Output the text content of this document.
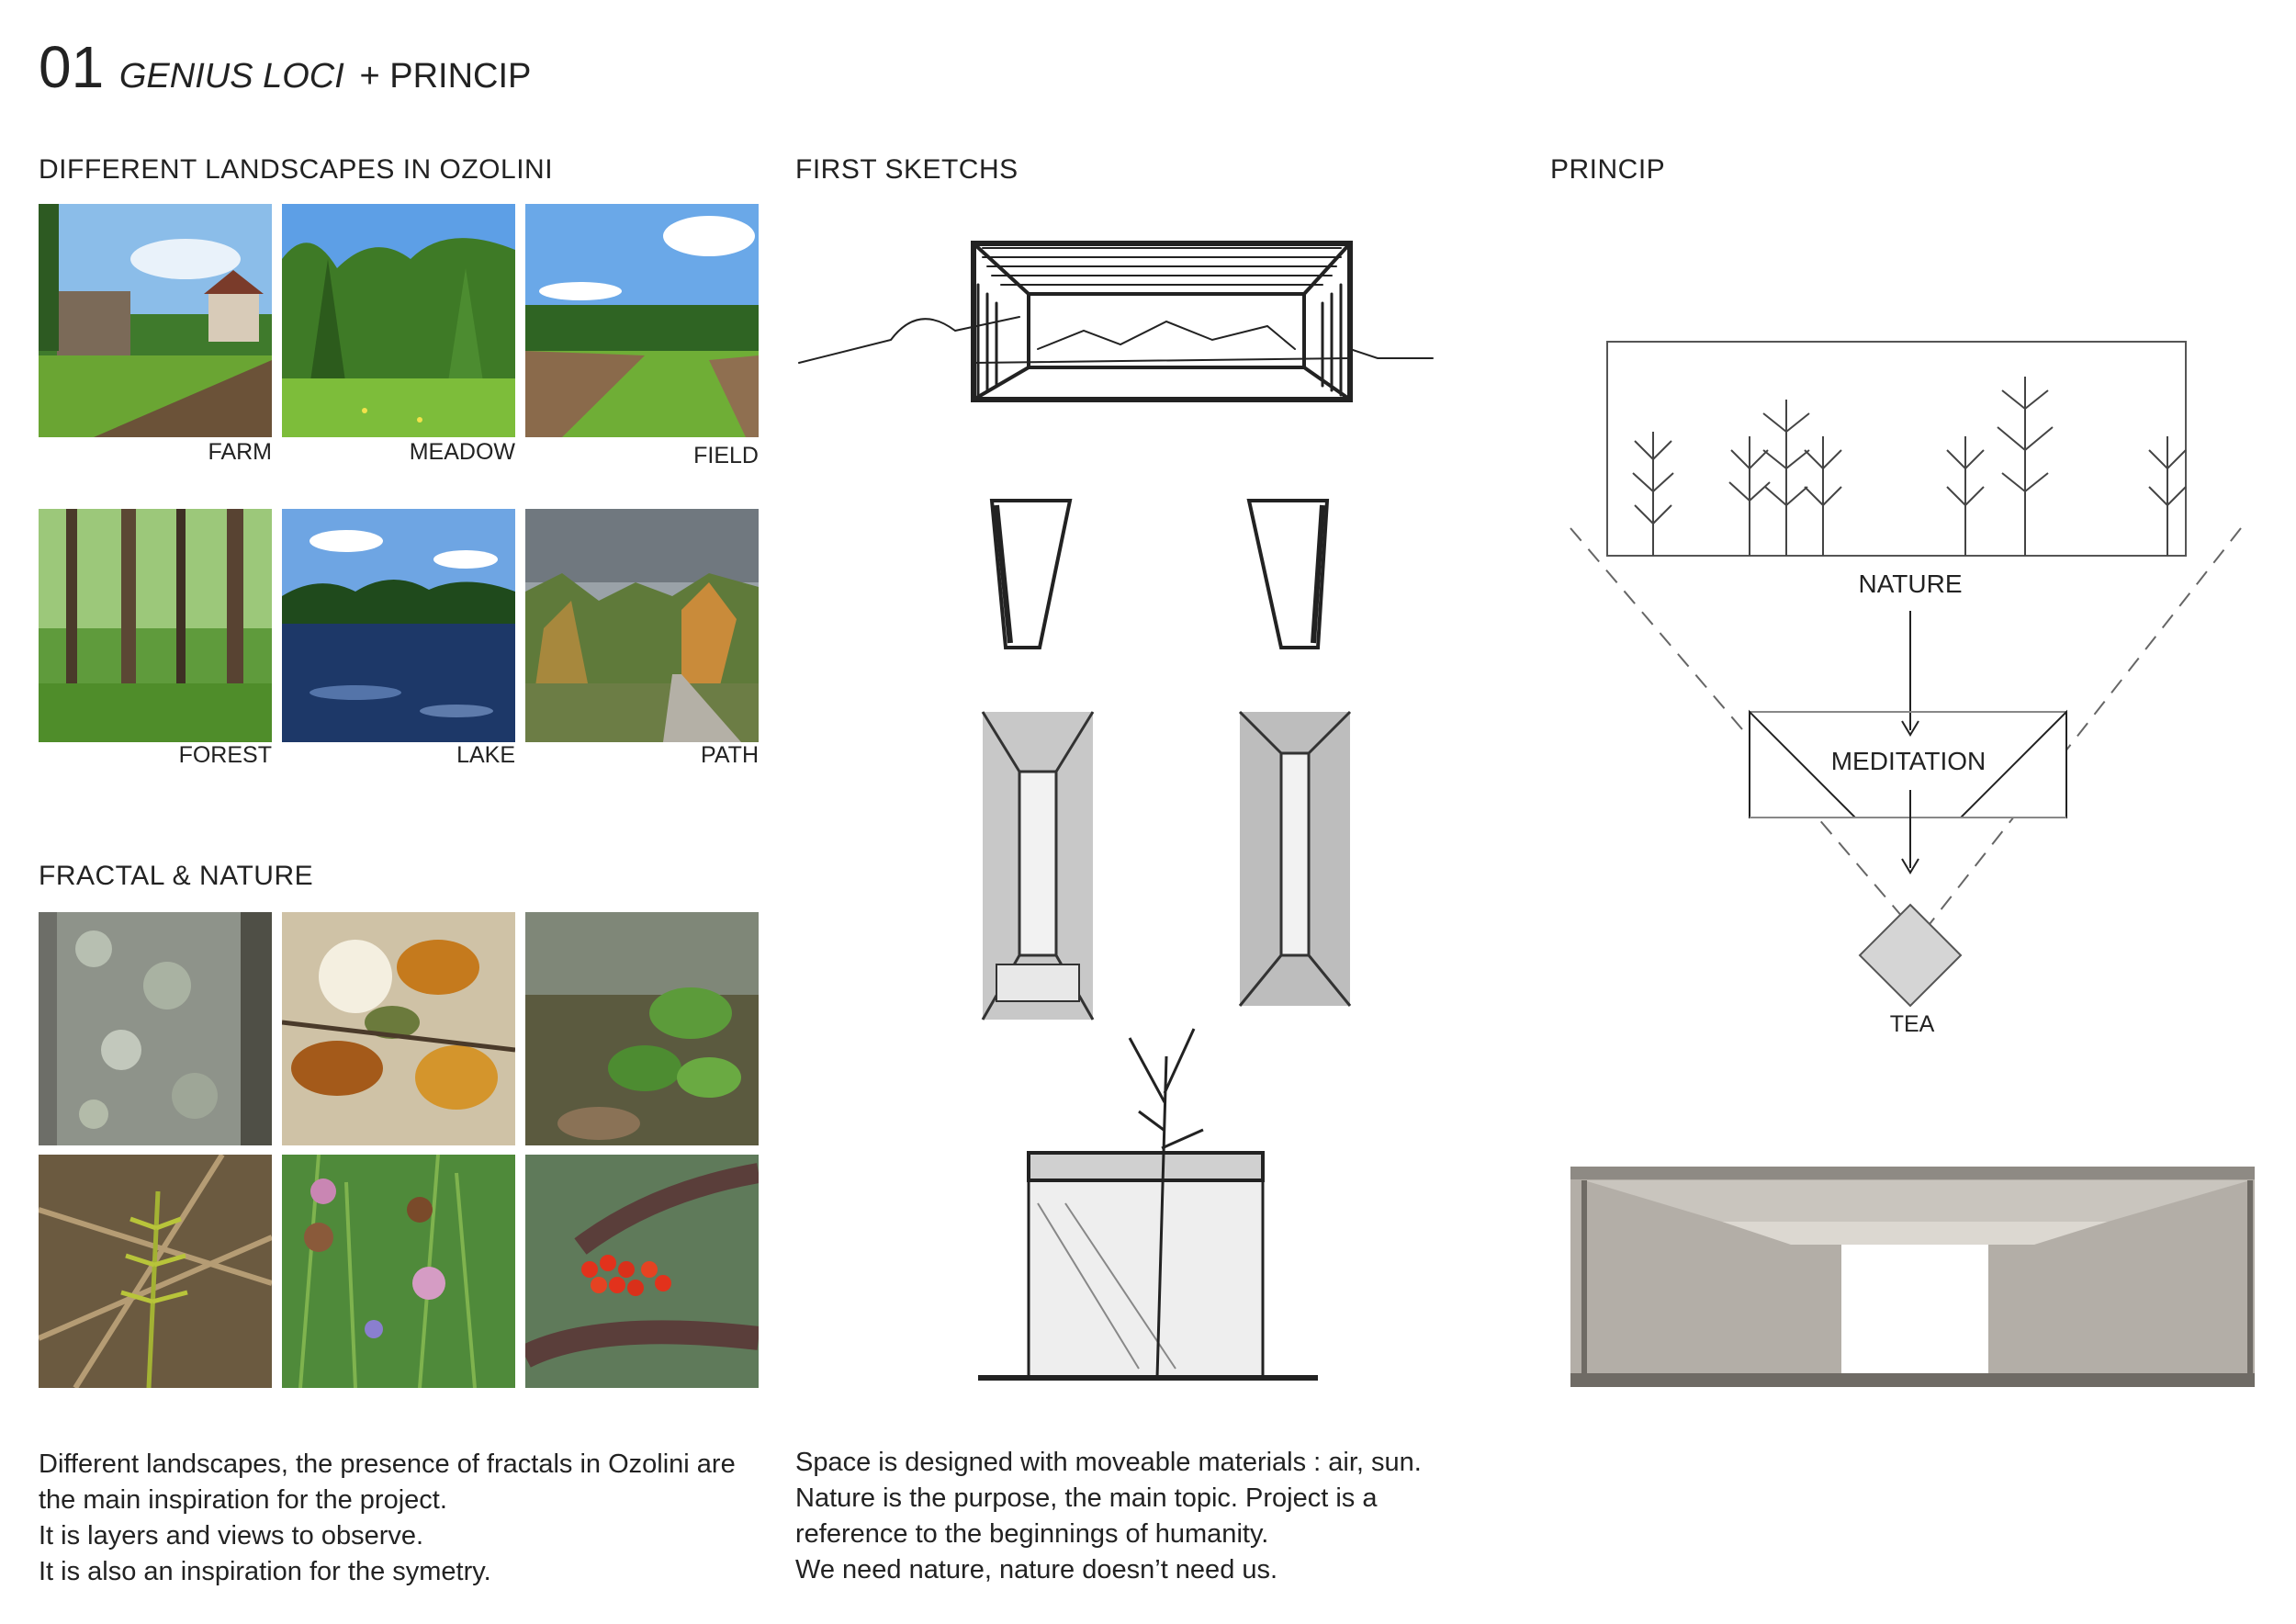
01 GENIUS LOCI + PRINCIP
DIFFERENT LANDSCAPES IN OZOLINI	FIRST SKETCHS	PRINCIP
FRACTAL & NATURE
FARM	MEADOW	FIELD
FOREST	LAKE	PATH
NATURE
MEDITATION
TEA
Different landscapes, the presence of fractals in Ozolini are
the main inspiration for the project.
It is layers and views to observe.
It is also an inspiration for the symetry.
Space is designed with moveable materials : air, sun.
Nature is the purpose, the main topic. Project is a
reference to the beginnings of humanity.
We need nature, nature doesn’t need us.
